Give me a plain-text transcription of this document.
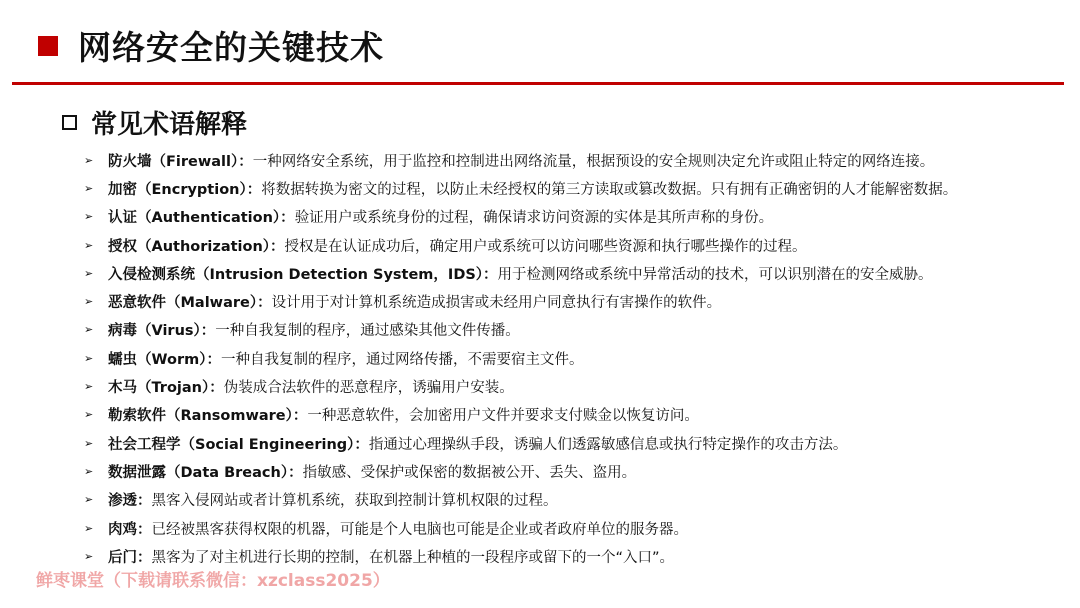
网络安全的关键技术
常见术语解释
➢	防火墙（Firewall）： 一种网络安全系统，用于监控和控制进出网络流量，根据预设的安全规则决定允许或阻止特定的网络连接。
➢	加密（Encryption）： 将数据转换为密文的过程，以防止未经授权的第三方读取或篡改数据。只有拥有正确密钥的人才能解密数据。
➢	认证（Authentication）： 验证用户或系统身份的过程，确保请求访问资源的实体是其所声称的身份。
➢	授权（Authorization）： 授权是在认证成功后，确定用户或系统可以访问哪些资源和执行哪些操作的过程。
➢	入侵检测系统（Intrusion Detection System，IDS）： 用于检测网络或系统中异常活动的技术，可以识别潜在的安全威胁。
➢	恶意软件（Malware）： 设计用于对计算机系统造成损害或未经用户同意执行有害操作的软件。
➢	病毒（Virus）： 一种自我复制的程序，通过感染其他文件传播。
➢	蠕虫（Worm）： 一种自我复制的程序，通过网络传播，不需要宿主文件。
➢	木马（Trojan）： 伪装成合法软件的恶意程序，诱骗用户安装。
➢	勒索软件（Ransomware）： 一种恶意软件，会加密用户文件并要求支付赎金以恢复访问。
➢	社会工程学（Social Engineering）： 指通过心理操纵手段，诱骗人们透露敏感信息或执行特定操作的攻击方法。
➢	数据泄露（Data Breach）： 指敏感、受保护或保密的数据被公开、丢失、盗用。
➢	渗透： 黑客入侵网站或者计算机系统，获取到控制计算机权限的过程。
➢	肉鸡： 已经被黑客获得权限的机器，可能是个人电脑也可能是企业或者政府单位的服务器。
➢	后门： 黑客为了对主机进行长期的控制，在机器上种植的一段程序或留下的一个“入口”。
鲜枣课堂（下载请联系微信：xzclass2025）
